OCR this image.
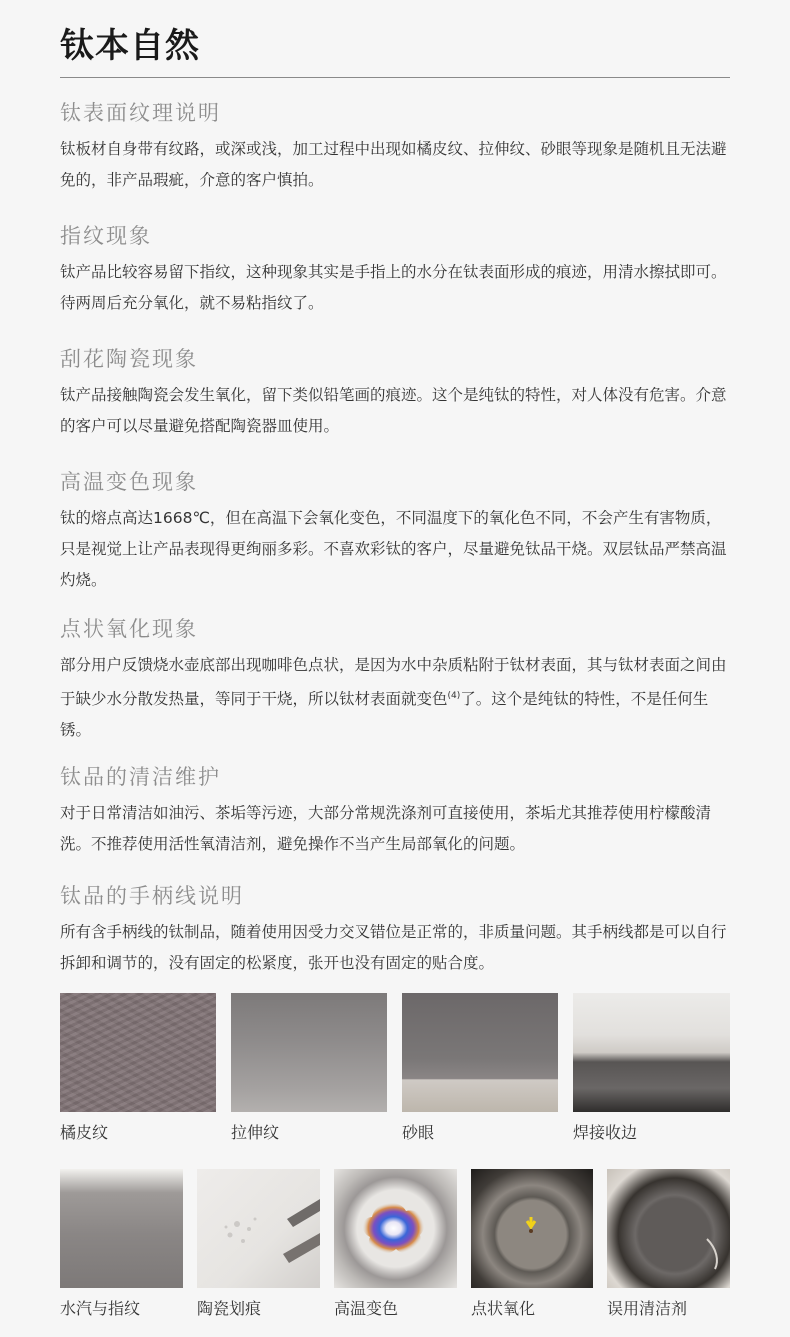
钛本自然
钛表面纹理说明

钛板材自身带有纹路，或深或浅，加工过程中出现如橘皮纹、拉伸纹、砂眼等现象是随机且无法避免的，非产品瑕疵，介意的客户慎拍。

指纹现象

钛产品比较容易留下指纹，这种现象其实是手指上的水分在钛表面形成的痕迹，用清水擦拭即可。待两周后充分氧化，就不易粘指纹了。

刮花陶瓷现象

钛产品接触陶瓷会发生氧化，留下类似铅笔画的痕迹。这个是纯钛的特性，对人体没有危害。介意的客户可以尽量避免搭配陶瓷器皿使用。

高温变色现象

钛的熔点高达1668℃，但在高温下会氧化变色，不同温度下的氧化色不同，不会产生有害物质，只是视觉上让产品表现得更绚丽多彩。不喜欢彩钛的客户，尽量避免钛品干烧。双层钛品严禁高温灼烧。

点状氧化现象

部分用户反馈烧水壶底部出现咖啡色点状，是因为水中杂质粘附于钛材表面，其与钛材表面之间由于缺少水分散发热量，等同于干烧，所以钛材表面就变色$^{(4)}$了。这个是纯钛的特性，不是任何生锈。

钛品的清洁维护

对于日常清洁如油污、茶垢等污迹，大部分常规洗涤剂可直接使用，茶垢尤其推荐使用柠檬酸清洗。不推荐使用活性氧清洁剂，避免操作不当产生局部氧化的问题。

钛品的手柄线说明

所有含手柄线的钛制品，随着使用因受力交叉错位是正常的，非质量问题。其手柄线都是可以自行拆卸和调节的，没有固定的松紧度，张开也没有固定的贴合度。

橘皮纹	拉伸纹	砂眼	焊接收边
水汽与指纹	陶瓷划痕	高温变色	点状氧化	误用清洁剂
